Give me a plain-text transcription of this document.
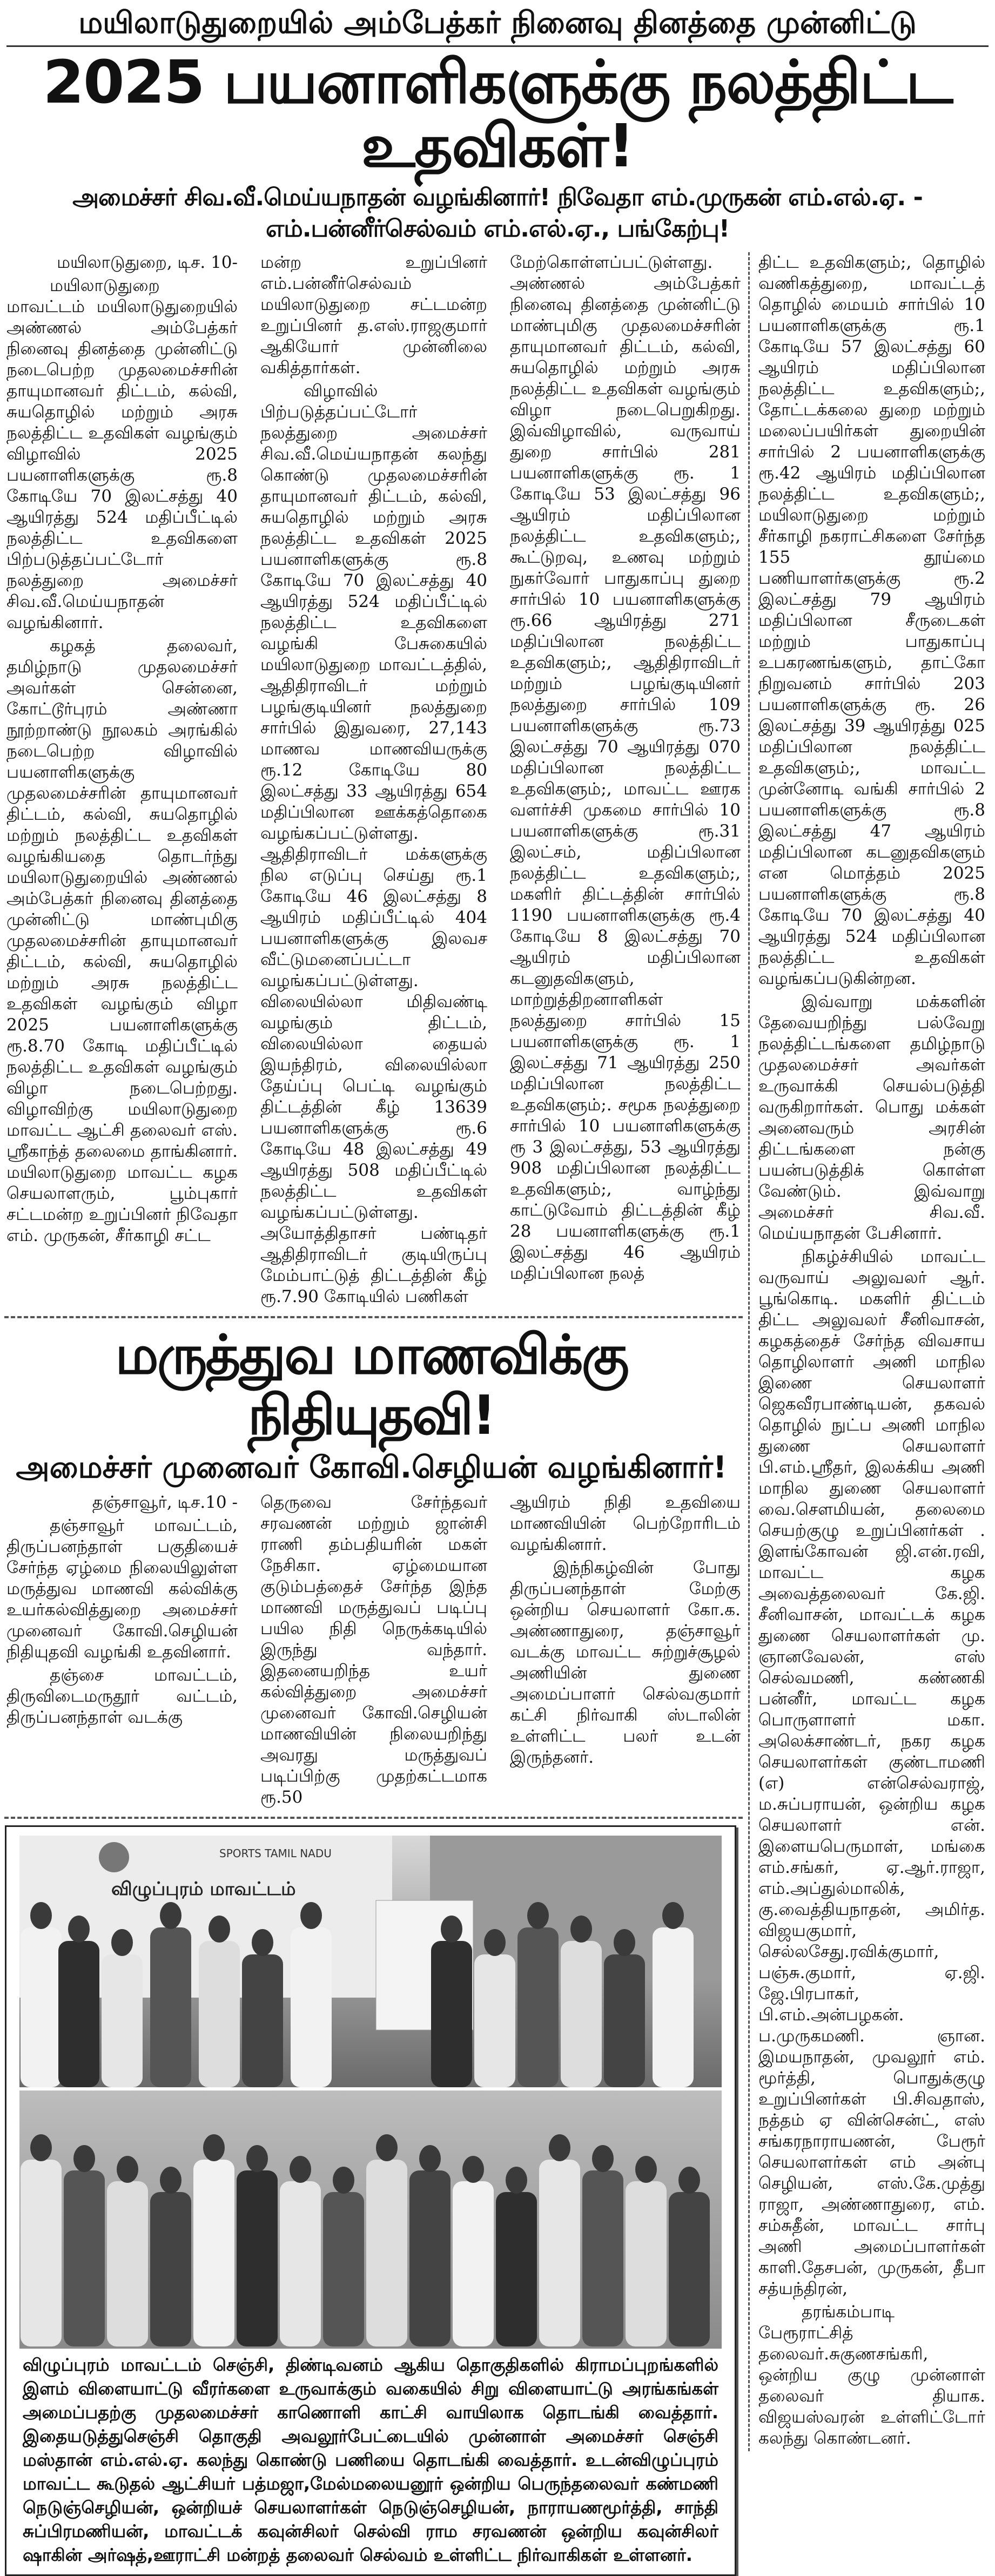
மயிலாடுதுறையில் அம்பேத்கர் நினைவு தினத்தை முன்னிட்டு
2025 பயனாளிகளுக்கு நலத்திட்ட உதவிகள்!
அமைச்சர் சிவ.வீ.மெய்யநாதன் வழங்கினார்! நிவேதா எம்.முருகன் எம்.எல்.ஏ. - எம்.பன்னீர்செல்வம் எம்.எல்.ஏ., பங்கேற்பு!

மயிலாடுதுறை, டிச. 10-

மயிலாடுதுறை மாவட்டம் மயிலாடுதுறையில் அண்ணல் அம்பேத்கர் நினைவு தினத்தை முன்னிட்டு நடைபெற்ற முதலமைச்சரின் தாயுமானவர் திட்டம், கல்வி, சுயதொழில் மற்றும் அரசு நலத்திட்ட உதவிகள் வழங்கும் விழாவில் 2025 பயனாளிகளுக்கு ரூ.8 கோடியே 70 இலட்சத்து 40 ஆயிரத்து 524 மதிப்பீட்டில் நலத்திட்ட உதவிகளை பிற்படுத்தப்பட்டோர் நலத்துறை அமைச்சர் சிவ.வீ.மெய்யநாதன் வழங்கினார்.

கழகத் தலைவர், தமிழ்நாடு முதலமைச்சர் அவர்கள் சென்னை, கோட்டூர்புரம் அண்ணா நூற்றாண்டு நூலகம் அரங்கில் நடைபெற்ற விழாவில் பயனாளிகளுக்கு முதலமைச்சரின் தாயுமானவர் திட்டம், கல்வி, சுயதொழில் மற்றும் நலத்திட்ட உதவிகள் வழங்கியதை தொடர்ந்து மயிலாடுதுறையில் அண்ணல் அம்பேத்கர் நினைவு தினத்தை முன்னிட்டு மாண்புமிகு முதலமைச்சரின் தாயுமானவர் திட்டம், கல்வி, சுயதொழில் மற்றும் அரசு நலத்திட்ட உதவிகள் வழங்கும் விழா 2025 பயனாளிகளுக்கு ரூ.8.70 கோடி மதிப்பீட்டில் நலத்திட்ட உதவிகள் வழங்கும் விழா நடைபெற்றது. விழாவிற்கு மயிலாடுதுறை மாவட்ட ஆட்சி தலைவர் எஸ். ஸ்ரீகாந்த் தலைமை தாங்கினார். மயிலாடுதுறை மாவட்ட கழக செயலாளரும், பூம்புகார் சட்டமன்ற உறுப்பினர் நிவேதா எம். முருகன், சீர்காழி சட்ட

மன்ற உறுப்பினர் எம்.பன்னீர்செல்வம் மயிலாடுதுறை சட்டமன்ற உறுப்பினர் த.எஸ்.ராஜகுமார் ஆகியோர் முன்னிலை வகித்தார்கள்.

விழாவில் பிற்படுத்தப்பட்டோர் நலத்துறை அமைச்சர் சிவ.வீ.மெய்யநாதன் கலந்து கொண்டு முதலமைச்சரின் தாயுமானவர் திட்டம், கல்வி, சுயதொழில் மற்றும் அரசு நலத்திட்ட உதவிகள் 2025 பயனாளிகளுக்கு ரூ.8 கோடியே 70 இலட்சத்து 40 ஆயிரத்து 524 மதிப்பீட்டில் நலத்திட்ட உதவிகளை வழங்கி பேசுகையில் மயிலாடுதுறை மாவட்டத்தில், ஆதிதிராவிடர் மற்றும் பழங்குடியினர் நலத்துறை சார்பில் இதுவரை, 27,143 மாணவ மாணவியருக்கு ரூ.12 கோடியே 80 இலட்சத்து 33 ஆயிரத்து 654 மதிப்பிலான ஊக்கத்தொகை வழங்கப்பட்டுள்ளது. ஆதிதிராவிடர் மக்களுக்கு நில எடுப்பு செய்து ரூ.1 கோடியே 46 இலட்சத்து 8 ஆயிரம் மதிப்பீட்டில் 404 பயனாளிகளுக்கு இலவச வீட்டுமனைப்பட்டா வழங்கப்பட்டுள்ளது. விலையில்லா மிதிவண்டி வழங்கும் திட்டம், விலையில்லா தையல் இயந்திரம், விலையில்லா தேய்ப்பு பெட்டி வழங்கும் திட்டத்தின் கீழ் 13639 பயனாளிகளுக்கு ரூ.6 கோடியே 48 இலட்சத்து 49 ஆயிரத்து 508 மதிப்பீட்டில் நலத்திட்ட உதவிகள் வழங்கப்பட்டுள்ளது. அயோத்திதாசர் பண்டிதர் ஆதிதிராவிடர் குடியிருப்பு மேம்பாட்டுத் திட்டத்தின் கீழ் ரூ.7.90 கோடியில் பணிகள்

மேற்கொள்ளப்பட்டுள்ளது. அண்ணல் அம்பேத்கர் நினைவு தினத்தை முன்னிட்டு மாண்புமிகு முதலமைச்சரின் தாயுமானவர் திட்டம், கல்வி, சுயதொழில் மற்றும் அரசு நலத்திட்ட உதவிகள் வழங்கும் விழா நடைபெறுகிறது. இவ்விழாவில், வருவாய் துறை சார்பில் 281 பயனாளிகளுக்கு ரூ. 1 கோடியே 53 இலட்சத்து 96 ஆயிரம் மதிப்பிலான நலத்திட்ட உதவிகளும்;, கூட்டுறவு, உணவு மற்றும் நுகர்வோர் பாதுகாப்பு துறை சார்பில் 10 பயனாளிகளுக்கு ரூ.66 ஆயிரத்து 271 மதிப்பிலான நலத்திட்ட உதவிகளும்;, ஆதிதிராவிடர் மற்றும் பழங்குடியினர் நலத்துறை சார்பில் 109 பயனாளிகளுக்கு ரூ.73 இலட்சத்து 70 ஆயிரத்து 070 மதிப்பிலான நலத்திட்ட உதவிகளும்;, மாவட்ட ஊரக வளர்ச்சி முகமை சார்பில் 10 பயனாளிகளுக்கு ரூ.31 இலட்சம், மதிப்பிலான நலத்திட்ட உதவிகளும்;, மகளிர் திட்டத்தின் சார்பில் 1190 பயனாளிகளுக்கு ரூ.4 கோடியே 8 இலட்சத்து 70 ஆயிரம் மதிப்பிலான கடனுதவிகளும், மாற்றுத்திறனாளிகள் நலத்துறை சார்பில் 15 பயனாளிகளுக்கு ரூ. 1 இலட்சத்து 71 ஆயிரத்து 250 மதிப்பிலான நலத்திட்ட உதவிகளும்;. சமூக நலத்துறை சார்பில் 10 பயனாளிகளுக்கு ரூ 3 இலட்சத்து, 53 ஆயிரத்து 908 மதிப்பிலான நலத்திட்ட உதவிகளும்;, வாழ்ந்து காட்டுவோம் திட்டத்தின் கீழ் 28 பயனாளிகளுக்கு ரூ.1 இலட்சத்து 46 ஆயிரம் மதிப்பிலான நலத்

மருத்துவ மாணவிக்கு நிதியுதவி!
அமைச்சர் முனைவர் கோவி.செழியன் வழங்கினார்!

தஞ்சாவூர், டிச.10 -

தஞ்சாவூர் மாவட்டம், திருப்பனந்தாள் பகுதியைச் சேர்ந்த ஏழ்மை நிலையிலுள்ள மருத்துவ மாணவி கல்விக்கு உயர்கல்வித்துறை அமைச்சர் முனைவர் கோவி.செழியன் நிதியுதவி வழங்கி உதவினார்.

தஞ்சை மாவட்டம், திருவிடைமருதூர் வட்டம், திருப்பனந்தாள் வடக்கு

தெருவை சேர்ந்தவர் சரவணன் மற்றும் ஜான்சி ராணி தம்பதியரின் மகள் நேசிகா. ஏழ்மையான குடும்பத்தைச் சேர்ந்த இந்த மாணவி மருத்துவப் படிப்பு பயில நிதி நெருக்கடியில் இருந்து வந்தார். இதனையறிந்த உயர் கல்வித்துறை அமைச்சர் முனைவர் கோவி.செழியன் மாணவியின் நிலையறிந்து அவரது மருத்துவப் படிப்பிற்கு முதற்கட்டமாக ரூ.50

ஆயிரம் நிதி உதவியை மாணவியின் பெற்றோரிடம் வழங்கினார்.

இந்நிகழ்வின் போது திருப்பனந்தாள் மேற்கு ஒன்றிய செயலாளர் கோ.க. அண்ணாதுரை, தஞ்சாவூர் வடக்கு மாவட்ட சுற்றுச்சூழல் அணியின் துணை அமைப்பாளர் செல்வகுமார் கட்சி நிர்வாகி ஸ்டாலின் உள்ளிட்ட பலர் உடன் இருந்தனர்.

SPORTS TAMIL NADU
விழுப்புரம் மாவட்டம்
விழுப்புரம் மாவட்டம் செஞ்சி, திண்டிவனம் ஆகிய தொகுதிகளில் கிராமப்புறங்களில் இளம் விளையாட்டு வீரர்களை உருவாக்கும் வகையில் சிறு விளையாட்டு அரங்கங்கள் அமைப்பதற்கு முதலமைச்சர் காணொளி காட்சி வாயிலாக தொடங்கி வைத்தார். இதையடுத்துசெஞ்சி தொகுதி அவலூர்பேட்டையில் முன்னாள் அமைச்சர் செஞ்சி மஸ்தான் எம்.எல்.ஏ. கலந்து கொண்டு பணியை தொடங்கி வைத்தார். உடன்விழுப்புரம் மாவட்ட கூடுதல் ஆட்சியர் பத்மஜா,மேல்மலையனூர் ஒன்றிய பெருந்தலைவர் கண்மணி நெடுஞ்செழியன், ஒன்றியச் செயலாளர்கள் நெடுஞ்செழியன், நாராயணமூர்த்தி, சாந்தி சுப்பிரமணியன், மாவட்டக் கவுன்சிலர் செல்வி ராம சரவணன் ஒன்றிய கவுன்சிலர் ஷாகின் அர்ஷத்,ஊராட்சி மன்றத் தலைவர் செல்வம் உள்ளிட்ட நிர்வாகிகள் உள்ளனர்.

திட்ட உதவிகளும்;, தொழில் வணிகத்துறை, மாவட்டத் தொழில் மையம் சார்பில் 10 பயனாளிகளுக்கு ரூ.1 கோடியே 57 இலட்சத்து 60 ஆயிரம் மதிப்பிலான நலத்திட்ட உதவிகளும்;, தோட்டக்கலை துறை மற்றும் மலைப்பயிர்கள் துறையின் சார்பில் 2 பயனாளிகளுக்கு ரூ.42 ஆயிரம் மதிப்பிலான நலத்திட்ட உதவிகளும்;, மயிலாடுதுறை மற்றும் சீர்காழி நகராட்சிகளை சேர்ந்த 155 தூய்மை பணியாளர்களுக்கு ரூ.2 இலட்சத்து 79 ஆயிரம் மதிப்பிலான சீருடைகள் மற்றும் பாதுகாப்பு உபகரணங்களும், தாட்கோ நிறுவனம் சார்பில் 203 பயனாளிகளுக்கு ரூ. 26 இலட்சத்து 39 ஆயிரத்து 025 மதிப்பிலான நலத்திட்ட உதவிகளும்;, மாவட்ட முன்னோடி வங்கி சார்பில் 2 பயனாளிகளுக்கு ரூ.8 இலட்சத்து 47 ஆயிரம் மதிப்பிலான கடனுதவிகளும் என மொத்தம் 2025 பயனாளிகளுக்கு ரூ.8 கோடியே 70 இலட்சத்து 40 ஆயிரத்து 524 மதிப்பிலான நலத்திட்ட உதவிகள் வழங்கப்படுகின்றன.

இவ்வாறு மக்களின் தேவையறிந்து பல்வேறு நலத்திட்டங்களை தமிழ்நாடு முதலமைச்சர் அவர்கள் உருவாக்கி செயல்படுத்தி வருகிறார்கள். பொது மக்கள் அனைவரும் அரசின் திட்டங்களை நன்கு பயன்படுத்திக் கொள்ள வேண்டும். இவ்வாறு அமைச்சர் சிவ.வீ. மெய்யநாதன் பேசினார்.

நிகழ்ச்சியில் மாவட்ட வருவாய் அலுவலர் ஆர். பூங்கொடி. மகளிர் திட்டம் திட்ட அலுவலர் சீனிவாசன், கழகத்தைச் சேர்ந்த விவசாய தொழிலாளர் அணி மாநில இணை செயலாளர் ஜெகவீரபாண்டியன், தகவல் தொழில் நுட்ப அணி மாநில துணை செயலாளர் பி.எம்.ஸ்ரீதர், இலக்கிய அணி மாநில துணை செயலாளர் வை.சௌமியன், தலைமை செயற்குழு உறுப்பினர்கள் . இளங்கோவன் ஜி.என்.ரவி, மாவட்ட கழக அவைத்தலைவர் கே.ஜி. சீனிவாசன், மாவட்டக் கழக துணை செயலாளர்கள் மு. ஞானவேலன், எஸ் செல்வமணி, கண்ணகி பன்னீர், மாவட்ட கழக பொருளாளர் மகா. அலெக்சாண்டர், நகர கழக செயலாளர்கள் குண்டாமணி (எ) என்செல்வராஜ், ம.சுப்பராயன், ஒன்றிய கழக செயலாளர் என். இளையபெருமாள், மங்கை எம்.சங்கர், ஏ.ஆர்.ராஜா, எம்.அப்துல்மாலிக், கு.வைத்தியநாதன், அமிர்த. விஜயகுமார், செல்லசேது.ரவிக்குமார், பஞ்சு.குமார், ஏ.ஜி. ஜே.பிரபாகர், பி.எம்.அன்பழகன். ப.முருகமணி. ஞான. இமயநாதன், முவலூர் எம். மூர்த்தி, பொதுக்குழு உறுப்பினர்கள் பி.சிவதாஸ், நத்தம் ஏ வின்சென்ட், எஸ் சங்கரநாராயணன், பேரூர் செயலாளர்கள் எம் அன்பு செழியன், எஸ்.கே.முத்து ராஜா, அண்ணாதுரை, எம். சம்சுதீன், மாவட்ட சார்பு அணி அமைப்பாளர்கள் காளி.தேசபன், முருகன், தீபா சத்யந்திரன்,

தரங்கம்பாடி பேரூராட்சித் தலைவர்.சுகுணசங்கரி, ஒன்றிய குழு முன்னாள் தலைவர் தியாக. விஜயஸ்வரன் உள்ளிட்டோர் கலந்து கொண்டனர்.
